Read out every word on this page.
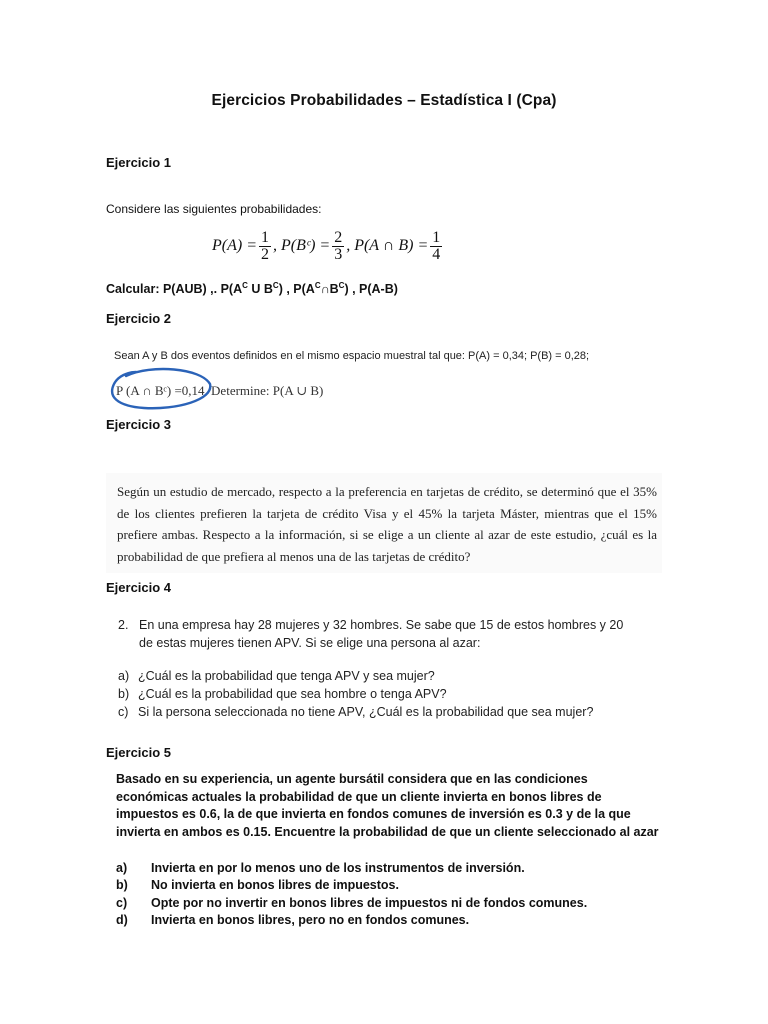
Ejercicios Probabilidades – Estadística I (Cpa)
Ejercicio 1
Considere las siguientes probabilidades:
$P(A) = \frac{1}{2}$ , P(Bᶜ) = $\frac{2}{3}$ , P(A ∩ $B) = \frac{1}{4}$
Calcular: P(AUB) ,. $P(A^C$ U $B^C$) , $P(A^C\cap B^C)$ , P(A-B)
Ejercicio 2
Sean A y B dos eventos definidos en el mismo espacio muestral tal que: P(A) = 0,34; P(B) = 0,28;
P (A ∩ Bᶜ) =0,14. Determine: P(A ∪ B)
Ejercicio 3
Según un estudio de mercado, respecto a la preferencia en tarjetas de crédito, se determinó que el 35% de los clientes prefieren la tarjeta de crédito Visa y el 45% la tarjeta Máster, mientras que el 15% prefiere ambas. Respecto a la información, si se elige a un cliente al azar de este estudio, ¿cuál es la probabilidad de que prefiera al menos una de las tarjetas de crédito?
Ejercicio 4
2. En una empresa hay 28 mujeres y 32 hombres. Se sabe que 15 de estos hombres y 20
de estas mujeres tienen APV. Si se elige una persona al azar:
a) ¿Cuál es la probabilidad que tenga APV y sea mujer?
b) ¿Cuál es la probabilidad que sea hombre o tenga APV?
c) Si la persona seleccionada no tiene APV, ¿Cuál es la probabilidad que sea mujer?
Ejercicio 5
Basado en su experiencia, un agente bursátil considera que en las condiciones económicas actuales la probabilidad de que un cliente invierta en bonos libres de impuestos es 0.6, la de que invierta en fondos comunes de inversión es 0.3 y de la que invierta en ambos es 0.15. Encuentre la probabilidad de que un cliente seleccionado al azar
a) Invierta en por lo menos uno de los instrumentos de inversión.
b) No invierta en bonos libres de impuestos.
c) Opte por no invertir en bonos libres de impuestos ni de fondos comunes.
d) Invierta en bonos libres, pero no en fondos comunes.
